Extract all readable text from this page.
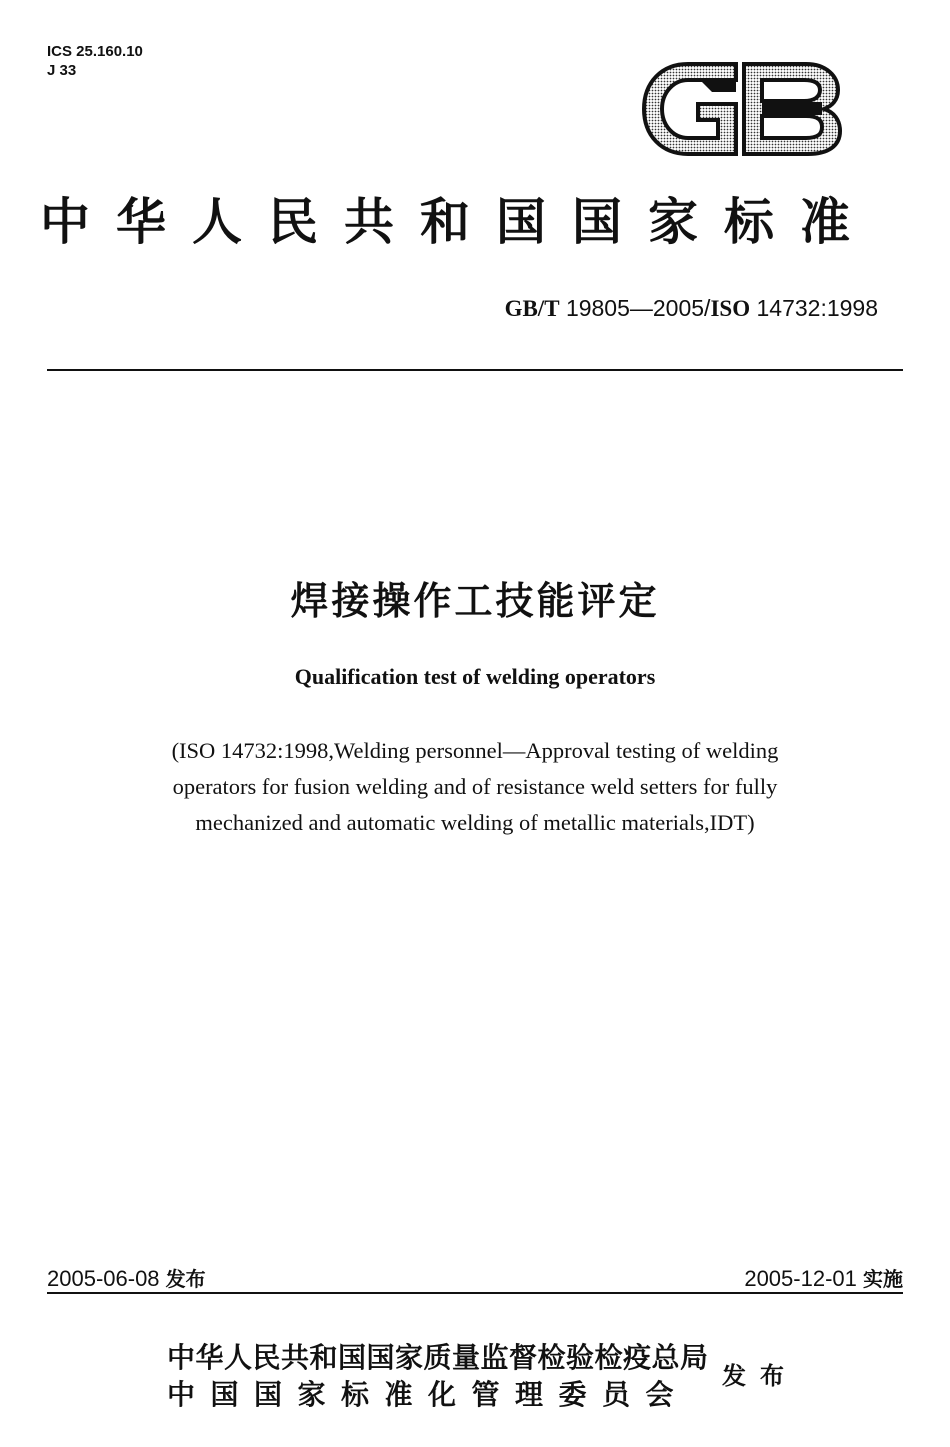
ICS 25.160.10
J 33
中华人民共和国国家标准
GB/T 19805—2005/ISO 14732:1998
焊接操作工技能评定
Qualification test of welding operators
(ISO 14732:1998,Welding personnel—Approval testing of welding
operators for fusion welding and of resistance weld setters for fully
mechanized and automatic welding of metallic materials,IDT)
2005-06-08 发布	2005-12-01 实施
中华人民共和国国家质量监督检验检疫总局
中国国家标准化管理委员会
发布
